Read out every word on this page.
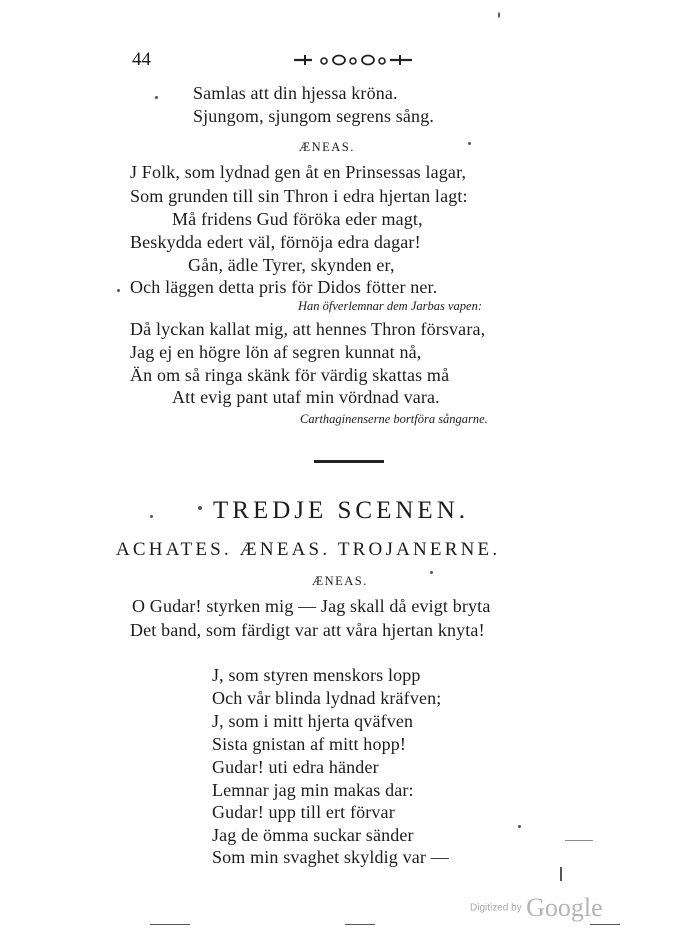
44
Samlas att din hjessa kröna.
Sjungom, sjungom segrens sång.
ÆNEAS.
J Folk, som lydnad gen åt en Prinsessas lagar,
Som grunden till sin Thron i edra hjertan lagt:
Må fridens Gud föröka eder magt,
Beskydda edert väl, förnöja edra dagar!
Gån, ädle Tyrer, skynden er,
Och läggen detta pris för Didos fötter ner.
Han öfverlemnar dem Jarbas vapen:
Då lyckan kallat mig, att hennes Thron försvara,
Jag ej en högre lön af segren kunnat nå,
Än om så ringa skänk för värdig skattas må
Att evig pant utaf min vördnad vara.
Carthaginenserne bortföra sångarne.
TREDJE SCENEN.
ACHATES. ÆNEAS. TROJANERNE.
ÆNEAS.
O Gudar! styrken mig — Jag skall då evigt bryta
Det band, som färdigt var att våra hjertan knyta!
J, som styren menskors lopp
Och vår blinda lydnad kräfven;
J, som i mitt hjerta qväfven
Sista gnistan af mitt hopp!
Gudar! uti edra händer
Lemnar jag min makas dar:
Gudar! upp till ert förvar
Jag de ömma suckar sänder
Som min svaghet skyldig var —
Digitized by Google
